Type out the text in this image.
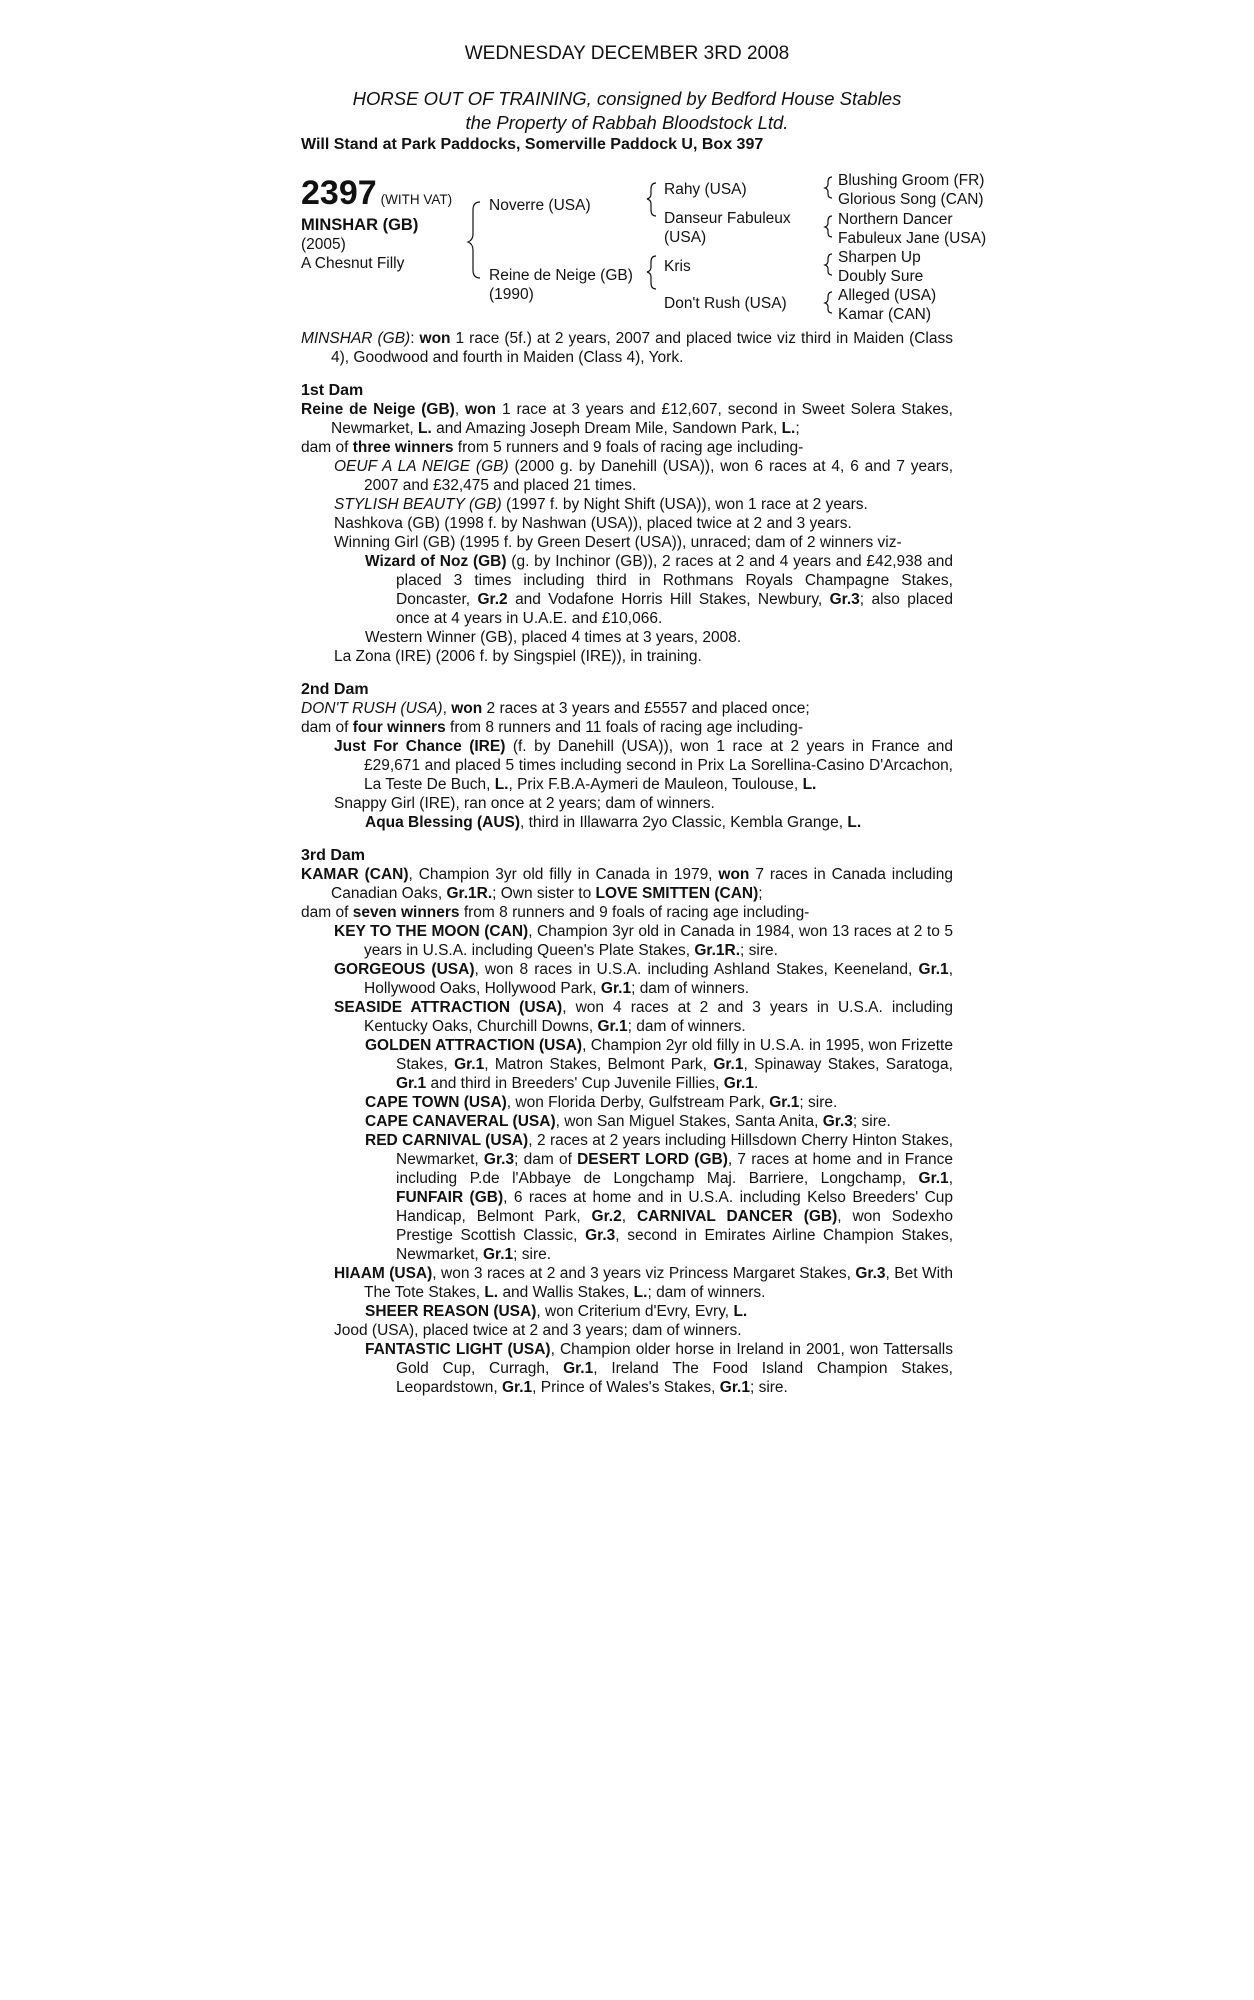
WEDNESDAY DECEMBER 3RD 2008
HORSE OUT OF TRAINING, consigned by Bedford House Stables
the Property of Rabbah Bloodstock Ltd.
Will Stand at Park Paddocks, Somerville Paddock U, Box 397
2397 (WITH VAT)
MINSHAR (GB)
(2005)
A Chesnut Filly
Noverre (USA)
Reine de Neige (GB)
(1990)
Rahy (USA)
Danseur Fabuleux
(USA)
Kris
Don't Rush (USA)
Blushing Groom (FR)
Glorious Song (CAN)
Northern Dancer
Fabuleux Jane (USA)
Sharpen Up
Doubly Sure
Alleged (USA)
Kamar (CAN)
MINSHAR (GB): won 1 race (5f.) at 2 years, 2007 and placed twice viz third in Maiden (Class 4), Goodwood and fourth in Maiden (Class 4), York.
1st Dam
Reine de Neige (GB), won 1 race at 3 years and £12,607, second in Sweet Solera Stakes, Newmarket, L. and Amazing Joseph Dream Mile, Sandown Park, L.;
dam of three winners from 5 runners and 9 foals of racing age including-
OEUF A LA NEIGE (GB) (2000 g. by Danehill (USA)), won 6 races at 4, 6 and 7 years, 2007 and £32,475 and placed 21 times.
STYLISH BEAUTY (GB) (1997 f. by Night Shift (USA)), won 1 race at 2 years.
Nashkova (GB) (1998 f. by Nashwan (USA)), placed twice at 2 and 3 years.
Winning Girl (GB) (1995 f. by Green Desert (USA)), unraced; dam of 2 winners viz-
Wizard of Noz (GB) (g. by Inchinor (GB)), 2 races at 2 and 4 years and £42,938 and placed 3 times including third in Rothmans Royals Champagne Stakes, Doncaster, Gr.2 and Vodafone Horris Hill Stakes, Newbury, Gr.3; also placed once at 4 years in U.A.E. and £10,066.
Western Winner (GB), placed 4 times at 3 years, 2008.
La Zona (IRE) (2006 f. by Singspiel (IRE)), in training.
2nd Dam
DON'T RUSH (USA), won 2 races at 3 years and £5557 and placed once;
dam of four winners from 8 runners and 11 foals of racing age including-
Just For Chance (IRE) (f. by Danehill (USA)), won 1 race at 2 years in France and £29,671 and placed 5 times including second in Prix La Sorellina-Casino D'Arcachon, La Teste De Buch, L., Prix F.B.A-Aymeri de Mauleon, Toulouse, L.
Snappy Girl (IRE), ran once at 2 years; dam of winners.
Aqua Blessing (AUS), third in Illawarra 2yo Classic, Kembla Grange, L.
3rd Dam
KAMAR (CAN), Champion 3yr old filly in Canada in 1979, won 7 races in Canada including Canadian Oaks, Gr.1R.; Own sister to LOVE SMITTEN (CAN);
dam of seven winners from 8 runners and 9 foals of racing age including-
KEY TO THE MOON (CAN), Champion 3yr old in Canada in 1984, won 13 races at 2 to 5 years in U.S.A. including Queen's Plate Stakes, Gr.1R.; sire.
GORGEOUS (USA), won 8 races in U.S.A. including Ashland Stakes, Keeneland, Gr.1, Hollywood Oaks, Hollywood Park, Gr.1; dam of winners.
SEASIDE ATTRACTION (USA), won 4 races at 2 and 3 years in U.S.A. including Kentucky Oaks, Churchill Downs, Gr.1; dam of winners.
GOLDEN ATTRACTION (USA), Champion 2yr old filly in U.S.A. in 1995, won Frizette Stakes, Gr.1, Matron Stakes, Belmont Park, Gr.1, Spinaway Stakes, Saratoga, Gr.1 and third in Breeders' Cup Juvenile Fillies, Gr.1.
CAPE TOWN (USA), won Florida Derby, Gulfstream Park, Gr.1; sire.
CAPE CANAVERAL (USA), won San Miguel Stakes, Santa Anita, Gr.3; sire.
RED CARNIVAL (USA), 2 races at 2 years including Hillsdown Cherry Hinton Stakes, Newmarket, Gr.3; dam of DESERT LORD (GB), 7 races at home and in France including P.de l'Abbaye de Longchamp Maj. Barriere, Longchamp, Gr.1, FUNFAIR (GB), 6 races at home and in U.S.A. including Kelso Breeders' Cup Handicap, Belmont Park, Gr.2, CARNIVAL DANCER (GB), won Sodexho Prestige Scottish Classic, Gr.3, second in Emirates Airline Champion Stakes, Newmarket, Gr.1; sire.
HIAAM (USA), won 3 races at 2 and 3 years viz Princess Margaret Stakes, Gr.3, Bet With The Tote Stakes, L. and Wallis Stakes, L.; dam of winners.
SHEER REASON (USA), won Criterium d'Evry, Evry, L.
Jood (USA), placed twice at 2 and 3 years; dam of winners.
FANTASTIC LIGHT (USA), Champion older horse in Ireland in 2001, won Tattersalls Gold Cup, Curragh, Gr.1, Ireland The Food Island Champion Stakes, Leopardstown, Gr.1, Prince of Wales's Stakes, Gr.1; sire.
